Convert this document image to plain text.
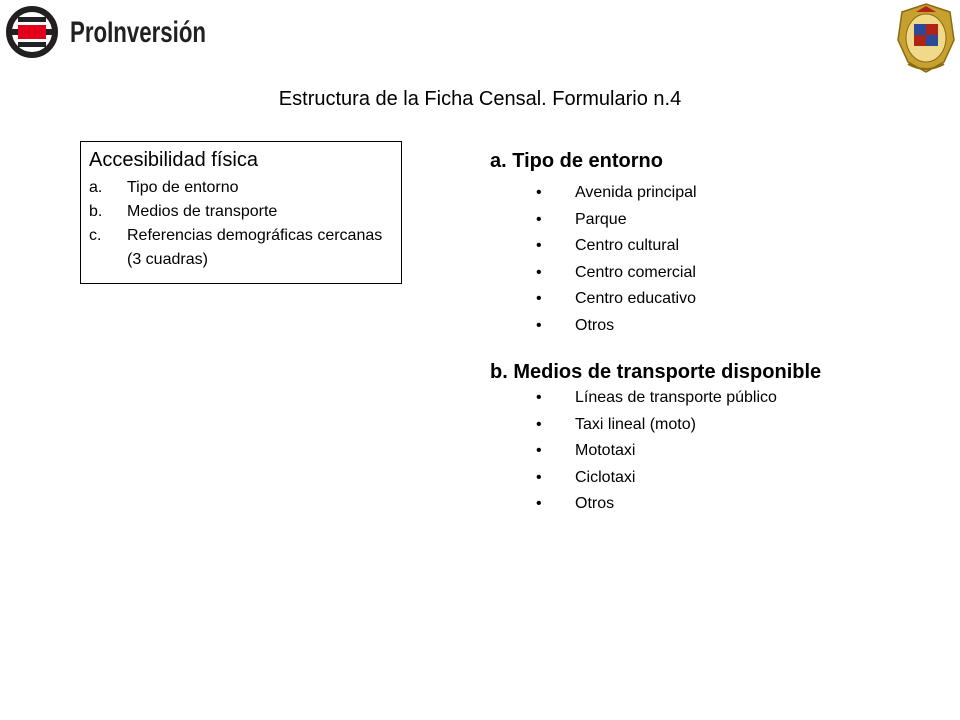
ProInversión
Estructura de la Ficha Censal. Formulario n.4
Accesibilidad física
a.	Tipo de entorno
b.	Medios de transporte
c.	Referencias demográficas cercanas (3 cuadras)
a. Tipo de entorno
•	Avenida principal
•	Parque
•	Centro cultural
•	Centro comercial
•	Centro educativo
•	Otros
b. Medios de transporte disponible
•	Líneas de transporte público
•	Taxi lineal (moto)
•	Mototaxi
•	Ciclotaxi
•	Otros
